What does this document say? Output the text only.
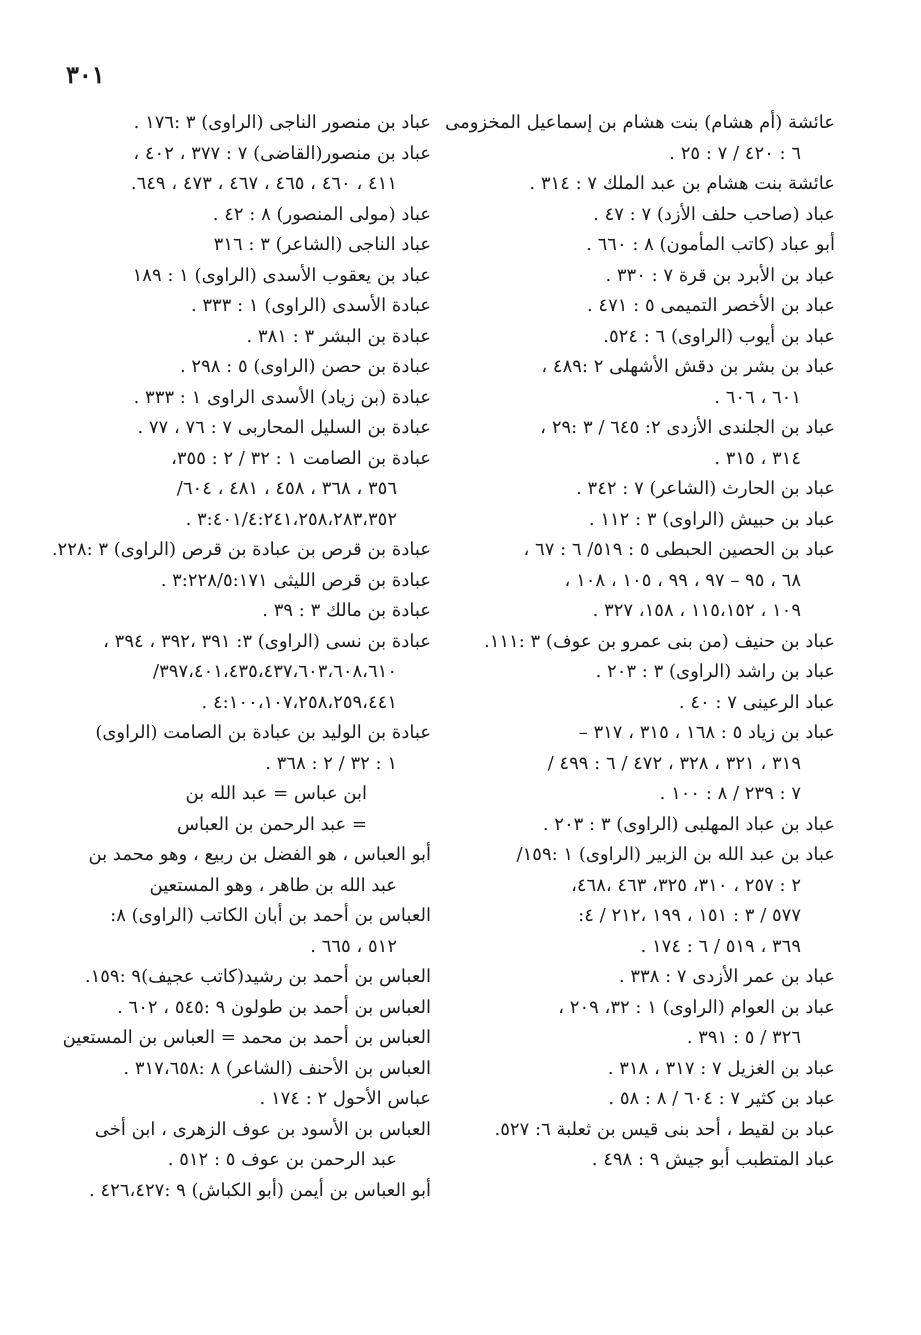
٣٠١
عائشة (أم هشام) بنت هشام بن إسماعيل المخزومى
٦ : ٤٢٠ / ٧ : ٢٥ .
عائشة بنت هشام بن عبد الملك ٧ : ٣١٤ .
عباد (صاحب حلف الأزد) ٧ : ٤٧ .
أبو عباد (كاتب المأمون) ٨ : ٦٦٠ .
عباد بن الأبرد بن قرة ٧ : ٣٣٠ .
عباد بن الأخصر التميمى ٥ : ٤٧١ .
عباد بن أيوب (الراوى) ٦ : ٥٢٤.
عباد بن بشر بن دقش الأشهلى ٢ :٤٨٩ ،
٦٠١ ، ٦٠٦ .
عباد بن الجلندى الأزدى ٢: ٦٤٥ / ٣ :٢٩ ،
٣١٤ ، ٣١٥ .
عباد بن الحارث (الشاعر) ٧ : ٣٤٢ .
عباد بن حبيش (الراوى) ٣ : ١١٢ .
عباد بن الحصين الحبطى ٥ : ٥١٩/ ٦ : ٦٧ ،
٦٨ ، ٩٥ – ٩٧ ، ٩٩ ، ١٠٥ ، ١٠٨ ،
١٠٩ ، ١١٥،١٥٢ ، ١٥٨، ٣٢٧ .
عباد بن حنيف (من بنى عمرو بن عوف) ٣ :١١١.
عباد بن راشد (الراوى) ٣ : ٢٠٣ .
عباد الرعينى ٧ : ٤٠ .
عباد بن زياد ٥ : ١٦٨ ، ٣١٥ ، ٣١٧ –
٣١٩ ، ٣٢١ ، ٣٢٨ ، ٤٧٢ / ٦ : ٤٩٩ /
٧ : ٢٣٩ / ٨ : ١٠٠ .
عباد بن عباد المهلبى (الراوى) ٣ : ٢٠٣ .
عباد بن عبد الله بن الزبير (الراوى) ١ :١٥٩/
٢ : ٢٥٧ ، ٣١٠، ٣٢٥، ٤٦٣ ،٤٦٨،
٥٧٧ / ٣ : ١٥١ ، ١٩٩ ،٢١٢ / ٤:
٣٦٩ ، ٥١٩ / ٦ : ١٧٤ .
عباد بن عمر الأزدى ٧ : ٣٣٨ .
عباد بن العوام (الراوى) ١ : ٣٢، ٢٠٩ ،
٣٢٦ / ٥ : ٣٩١ .
عباد بن الغزيل ٧ : ٣١٧ ، ٣١٨ .
عباد بن كثير ٧ : ٦٠٤ / ٨ : ٥٨ .
عباد بن لقيط ، أحد بنى قيس بن ثعلبة ٦: ٥٢٧.
عباد المتطبب أبو جيش ٩ : ٤٩٨ .
عباد بن منصور الناجى (الراوى) ٣ :١٧٦ .
عباد بن منصور(القاضى) ٧ : ٣٧٧ ، ٤٠٢ ،
٤١١ ، ٤٦٠ ، ٤٦٥ ، ٤٦٧ ، ٤٧٣ ، ٦٤٩.
عباد (مولى المنصور) ٨ : ٤٢ .
عباد الناجى (الشاعر) ٣ : ٣١٦
عباد بن يعقوب الأسدى (الراوى) ١ : ١٨٩
عبادة الأسدى (الراوى) ١ : ٣٣٣ .
عبادة بن البشر ٣ : ٣٨١ .
عبادة بن حصن (الراوى) ٥ : ٢٩٨ .
عبادة (بن زياد) الأسدى الراوى ١ : ٣٣٣ .
عبادة بن السليل المحاربى ٧ : ٧٦ ، ٧٧ .
عبادة بن الصامت ١ : ٣٢ / ٢ : ٣٥٥،
٣٥٦ ، ٣٦٨ ، ٤٥٨ ، ٤٨١ ، ٦٠٤/
٣:٤٠١/٤:٢٤١،٢٥٨،٢٨٣،٣٥٢ .
عبادة بن قرص بن عبادة بن قرص (الراوى) ٣ :٢٢٨.
عبادة بن قرص الليثى ٣:٢٢٨/٥:١٧١ .
عبادة بن مالك ٣ : ٣٩ .
عبادة بن نسى (الراوى) ٣: ٣٩١ ،٣٩٢ ، ٣٩٤ ،
٣٩٧،٤٠١،٤٣٥،٤٣٧،٦٠٣،٦٠٨،٦١٠/
٤:١٠٠،١٠٧،٢٥٨،٢٥٩،٤٤١ .
عبادة بن الوليد بن عبادة بن الصامت (الراوى)
١ : ٣٢ / ٢ : ٣٦٨ .
ابن عباس = عبد الله بن
= عبد الرحمن بن العباس
أبو العباس ، هو الفضل بن ربيع ، وهو محمد بن
عبد الله بن طاهر ، وهو المستعين
العباس بن أحمد بن أبان الكاتب (الراوى) ٨:
٥١٢ ، ٦٦٥ .
العباس بن أحمد بن رشيد(كاتب عجيف)٩ :١٥٩.
العباس بن أحمد بن طولون ٩ :٥٤٥ ، ٦٠٢ .
العباس بن أحمد بن محمد = العباس بن المستعين
العباس بن الأحنف (الشاعر) ٨ :٣١٧،٦٥٨ .
عباس الأحول ٢ : ١٧٤ .
العباس بن الأسود بن عوف الزهرى ، ابن أخى
عبد الرحمن بن عوف ٥ : ٥١٢ .
أبو العباس بن أيمن (أبو الكباش) ٩ :٤٢٦،٤٢٧ .
